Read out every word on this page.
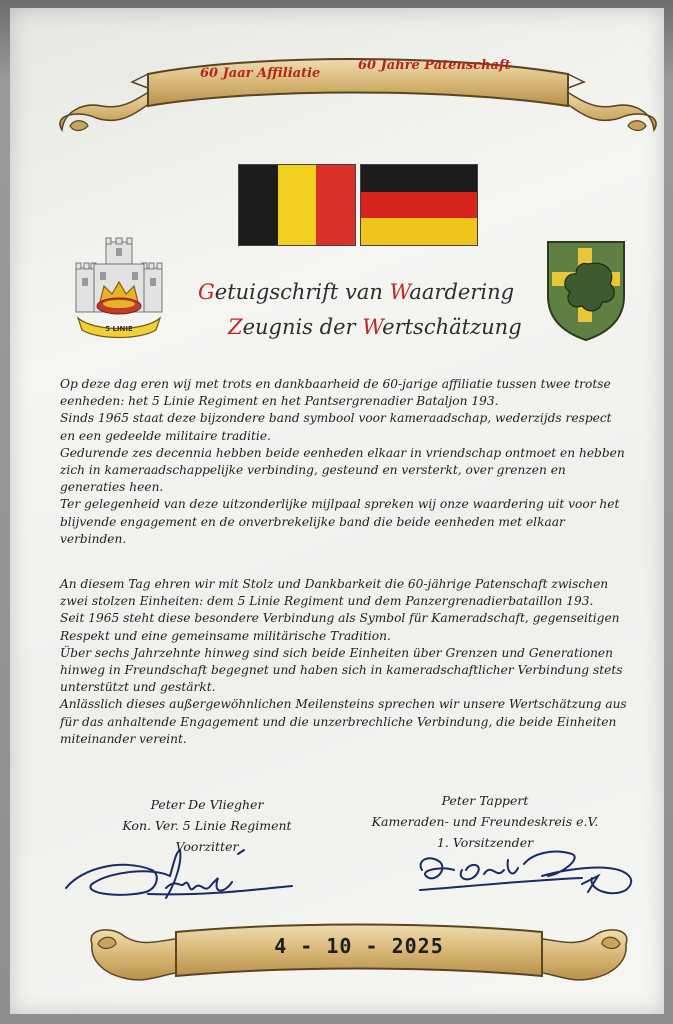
60 Jaar Affiliatie
60 Jahre Patenschaft
5 LINIE
Getuigschrift van Waardering
Zeugnis der Wertschätzung

Op deze dag eren wij met trots en dankbaarheid de 60-jarige affiliatie tussen twee trotse eenheden: het 5 Linie Regiment en het Pantsergrenadier Bataljon 193.

Sinds 1965 staat deze bijzondere band symbool voor kameraadschap, wederzijds respect en een gedeelde militaire traditie.

Gedurende zes decennia hebben beide eenheden elkaar in vriendschap ontmoet en hebben zich in kameraadschappelijke verbinding, gesteund en versterkt, over grenzen en generaties heen.

Ter gelegenheid van deze uitzonderlijke mijlpaal spreken wij onze waardering uit voor het blijvende engagement en de onverbrekelijke band die beide eenheden met elkaar verbinden.

An diesem Tag ehren wir mit Stolz und Dankbarkeit die 60-jährige Patenschaft zwischen zwei stolzen Einheiten: dem 5 Linie Regiment und dem Panzergrenadierbataillon 193.

Seit 1965 steht diese besondere Verbindung als Symbol für Kameradschaft, gegenseitigen Respekt und eine gemeinsame militärische Tradition.

Über sechs Jahrzehnte hinweg sind sich beide Einheiten über Grenzen und Generationen hinweg in Freundschaft begegnet und haben sich in kameradschaftlicher Verbindung stets unterstützt und gestärkt.

Anlässlich dieses außergewöhnlichen Meilensteins sprechen wir unsere Wertschätzung aus für das anhaltende Engagement und die unzerbrechliche Verbindung, die beide Einheiten miteinander vereint.

Peter De Vliegher
Kon. Ver. 5 Linie Regiment
Voorzitter
Peter Tappert
Kameraden- und Freundeskreis e.V.
1. Vorsitzender
4 - 10 - 2025
